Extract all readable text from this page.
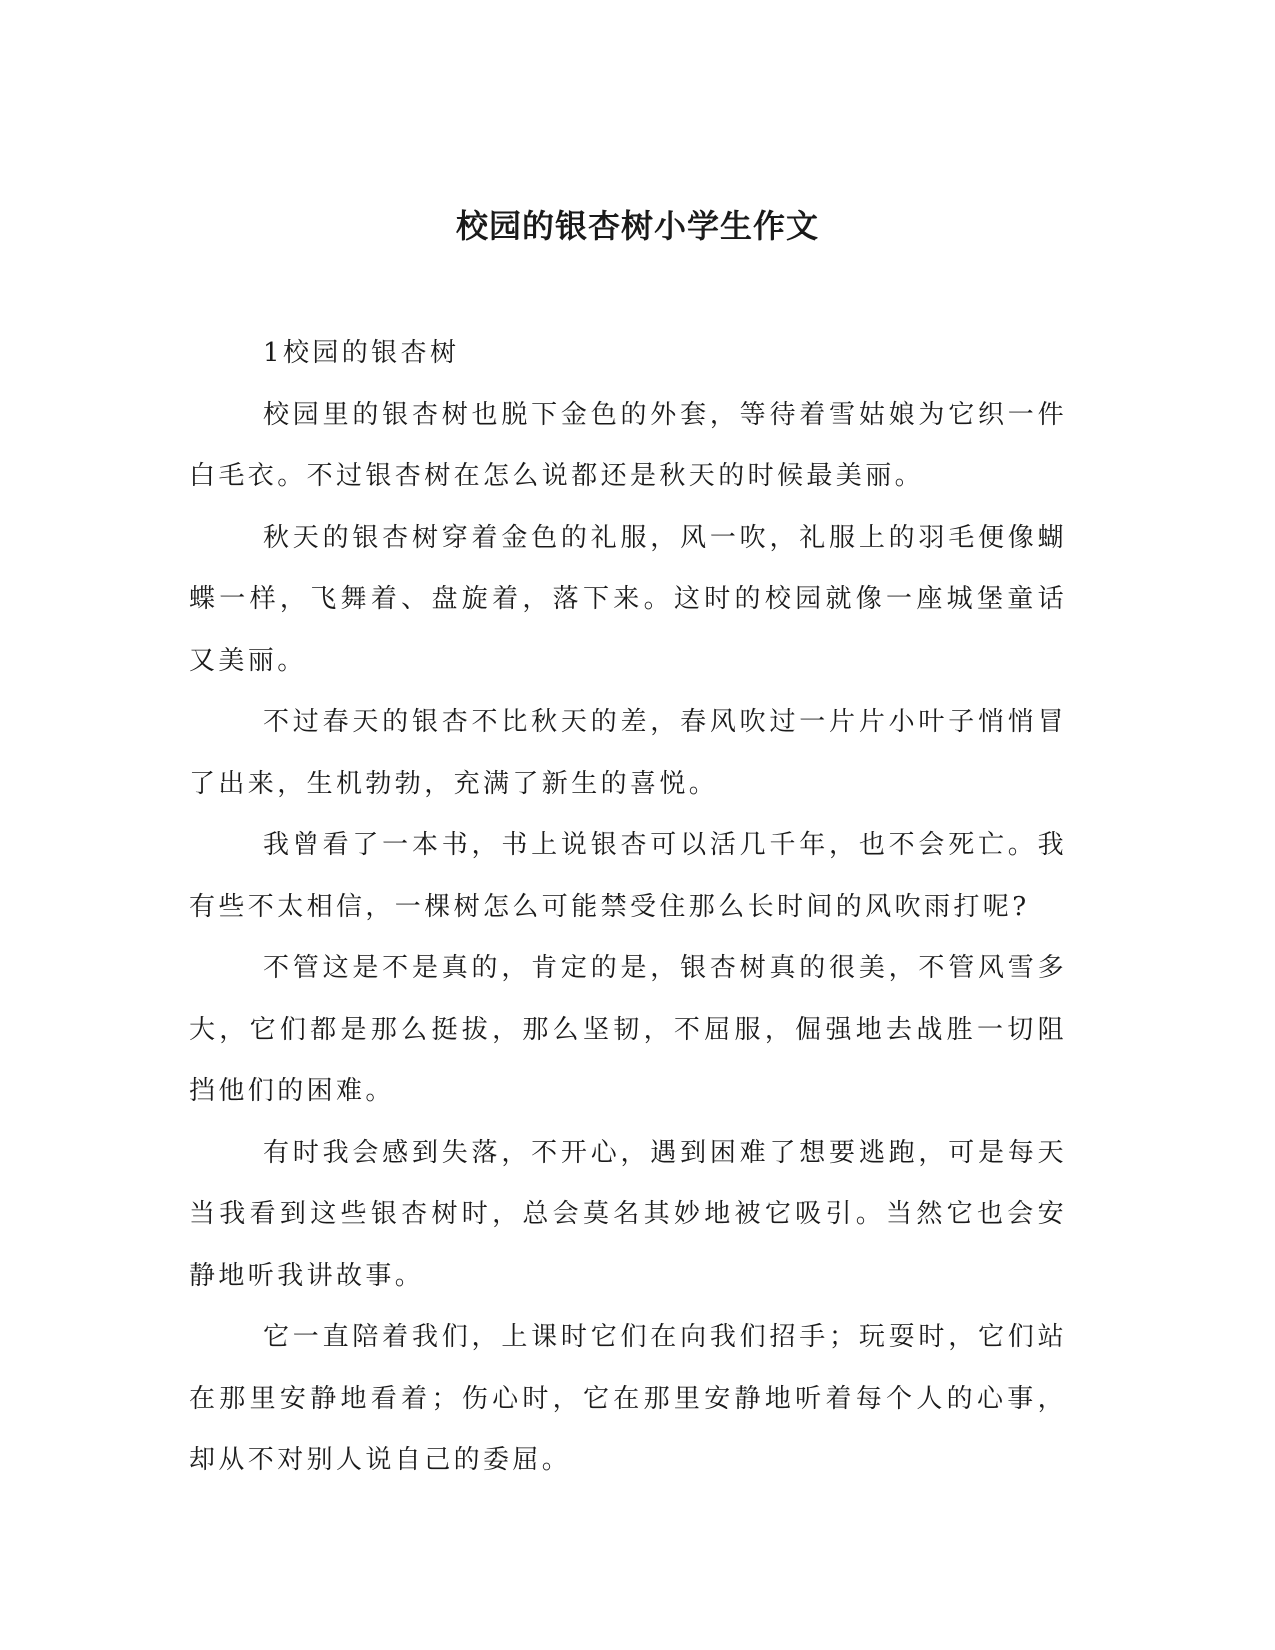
校园的银杏树小学生作文

1校园的银杏树

校园里的银杏树也脱下金色的外套，等待着雪姑娘为它织一件白毛衣。不过银杏树在怎么说都还是秋天的时候最美丽。

秋天的银杏树穿着金色的礼服，风一吹，礼服上的羽毛便像蝴蝶一样，飞舞着、盘旋着，落下来。这时的校园就像一座城堡童话又美丽。

不过春天的银杏不比秋天的差，春风吹过一片片小叶子悄悄冒了出来，生机勃勃，充满了新生的喜悦。

我曾看了一本书，书上说银杏可以活几千年，也不会死亡。我有些不太相信，一棵树怎么可能禁受住那么长时间的风吹雨打呢?

不管这是不是真的，肯定的是，银杏树真的很美，不管风雪多大，它们都是那么挺拔，那么坚韧，不屈服，倔强地去战胜一切阻挡他们的困难。

有时我会感到失落，不开心，遇到困难了想要逃跑，可是每天当我看到这些银杏树时，总会莫名其妙地被它吸引。当然它也会安静地听我讲故事。

它一直陪着我们，上课时它们在向我们招手；玩耍时，它们站在那里安静地看着；伤心时，它在那里安静地听着每个人的心事，却从不对别人说自己的委屈。
